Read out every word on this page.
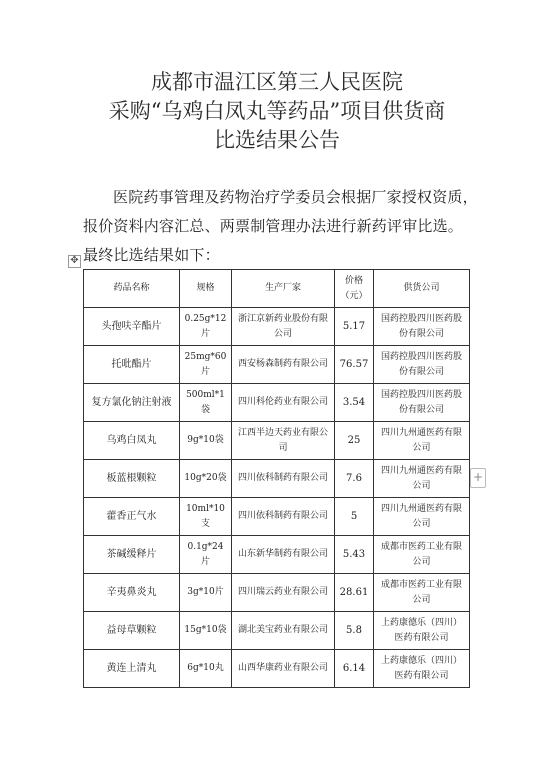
成都市温江区第三人民医院
采购“乌鸡白凤丸等药品”项目供货商
比选结果公告
医院药事管理及药物治疗学委员会根据厂家授权资质，报价资料内容汇总、两票制管理办法进行新药评审比选。最终比选结果如下：
✥
药品名称	规格	生产厂家	价格（元）	供货公司
头孢呋辛酯片	0.25g*12片	浙江京新药业股份有限公司	5.17	国药控股四川医药股份有限公司
托吡酯片	25mg*60片	西安杨森制药有限公司	76.57	国药控股四川医药股份有限公司
复方氯化钠注射液	500ml*1袋	四川科伦药业有限公司	3.54	国药控股四川医药股份有限公司
乌鸡白凤丸	9g*10袋	江西半边天药业有限公司	25	四川九州通医药有限公司
板蓝根颗粒	10g*20袋	四川依科制药有限公司	7.6	四川九州通医药有限公司
藿香正气水	10ml*10支	四川依科制药有限公司	5	四川九州通医药有限公司
茶碱缓释片	0.1g*24片	山东新华制药有限公司	5.43	成都市医药工业有限公司
辛夷鼻炎丸	3g*10片	四川瑞云药业有限公司	28.61	成都市医药工业有限公司
益母草颗粒	15g*10袋	湖北美宝药业有限公司	5.8	上药康德乐（四川）医药有限公司
黄连上清丸	6g*10丸	山西华康药业有限公司	6.14	上药康德乐（四川）医药有限公司
+
